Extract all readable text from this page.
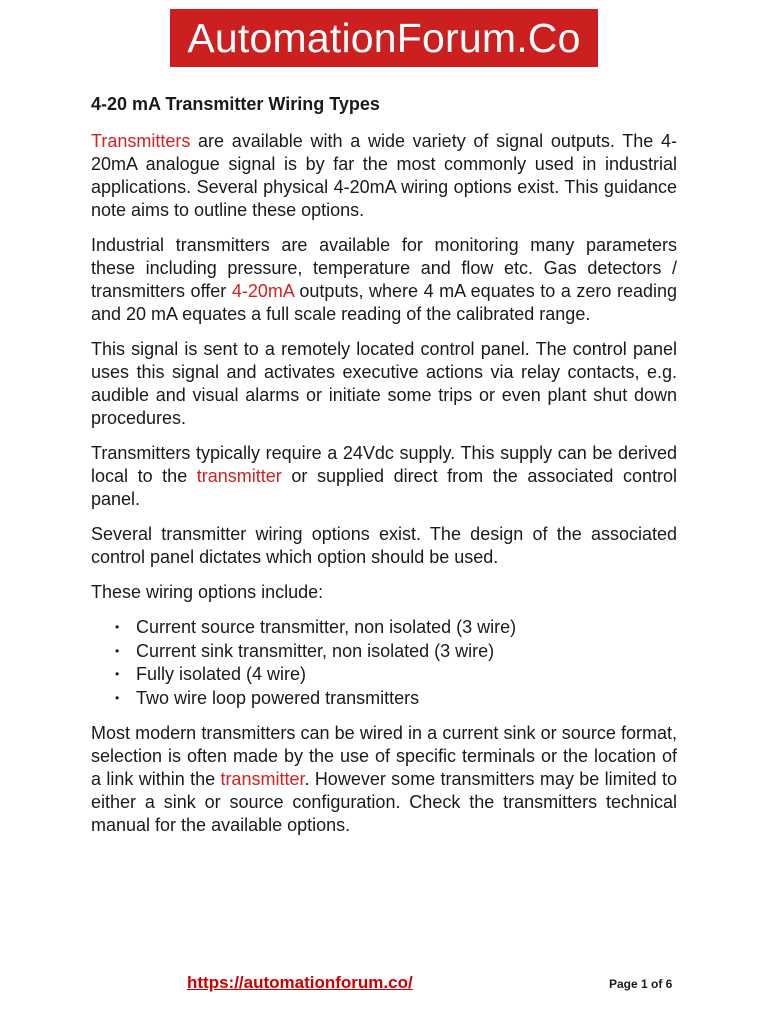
AutomationForum.Co
4-20 mA Transmitter Wiring Types

Transmitters are available with a wide variety of signal outputs. The 4-20mA analogue signal is by far the most commonly used in industrial applications. Several physical 4-20mA wiring options exist. This guidance note aims to outline these options.

Industrial transmitters are available for monitoring many parameters these including pressure, temperature and flow etc. Gas detectors / transmitters offer 4-20mA outputs, where 4 mA equates to a zero reading and 20 mA equates a full scale reading of the calibrated range.

This signal is sent to a remotely located control panel. The control panel uses this signal and activates executive actions via relay contacts, e.g. audible and visual alarms or initiate some trips or even plant shut down procedures.

Transmitters typically require a 24Vdc supply. This supply can be derived local to the transmitter or supplied direct from the associated control panel.

Several transmitter wiring options exist. The design of the associated control panel dictates which option should be used.

These wiring options include:

• Current source transmitter, non isolated (3 wire)
• Current sink transmitter, non isolated (3 wire)
• Fully isolated (4 wire)
• Two wire loop powered transmitters

Most modern transmitters can be wired in a current sink or source format, selection is often made by the use of specific terminals or the location of a link within the transmitter. However some transmitters may be limited to either a sink or source configuration. Check the transmitters technical manual for the available options.

https://automationforum.co/	Page 1 of 6
